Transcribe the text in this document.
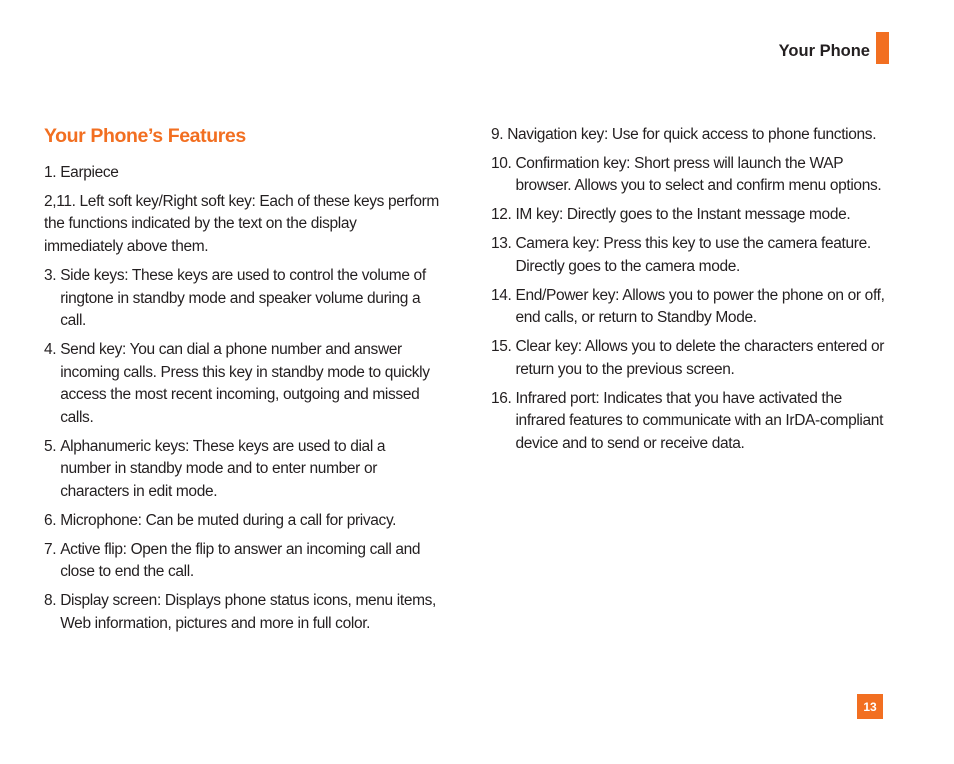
Your Phone
Your Phone’s Features
1. Earpiece
2,11. Left soft key/Right soft key: Each of these keys perform the functions indicated by the text on the display immediately above them.
3. Side keys: These keys are used to control the volume of ringtone in standby mode and speaker volume during a call.
4. Send key: You can dial a phone number and answer incoming calls. Press this key in standby mode to quickly access the most recent incoming, outgoing and missed calls.
5. Alphanumeric keys: These keys are used to dial a number in standby mode and to enter number or characters in edit mode.
6. Microphone: Can be muted during a call for privacy.
7. Active flip: Open the flip to answer an incoming call and close to end the call.
8. Display screen: Displays phone status icons, menu items, Web information, pictures and more in full color.
9. Navigation key: Use for quick access to phone functions.
10. Confirmation key: Short press will launch the WAP browser. Allows you to select and confirm menu options.
12. IM key: Directly goes to the Instant message mode.
13. Camera key: Press this key to use the camera feature. Directly goes to the camera mode.
14. End/Power key: Allows you to power the phone on or off, end calls, or return to Standby Mode.
15. Clear key: Allows you to delete the characters entered or return you to the previous screen.
16. Infrared port: Indicates that you have activated the infrared features to communicate with an IrDA-compliant device and to send or receive data.
13
